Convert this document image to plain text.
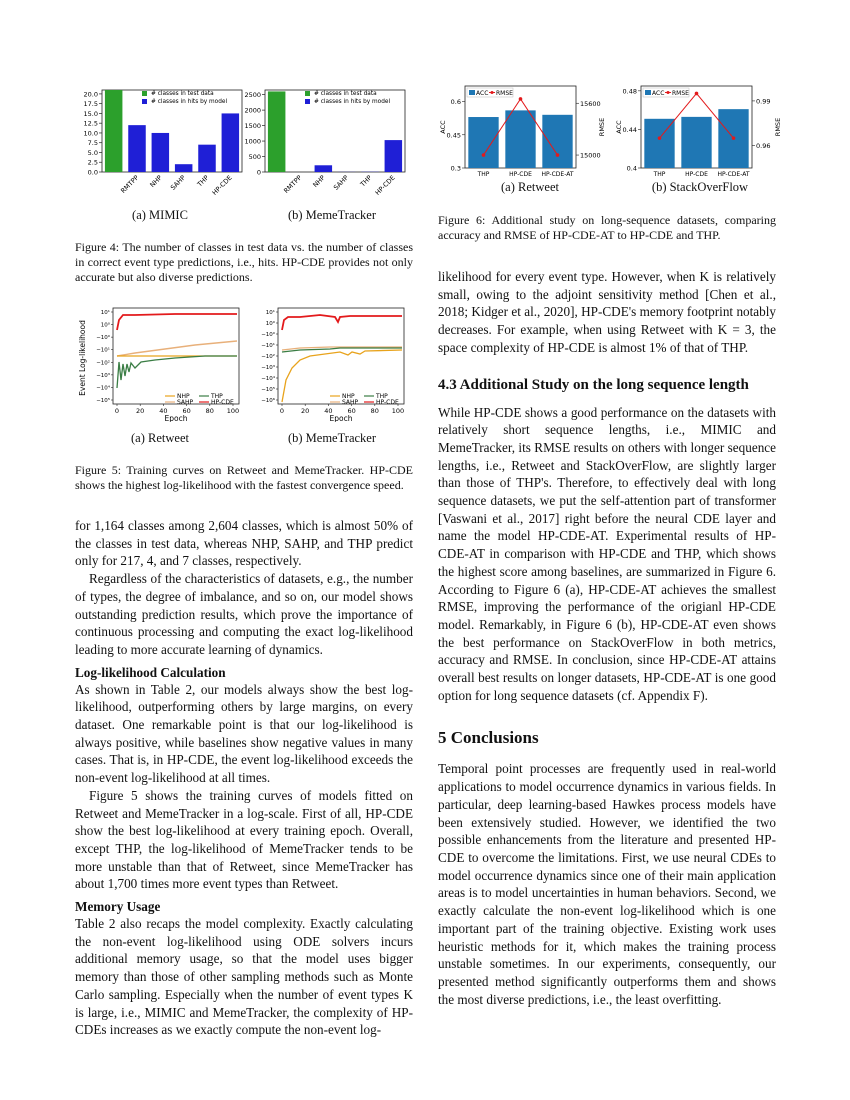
0.0
2.5
5.0
7.5
10.0
12.5
15.0
17.5
20.0
RMTPP NHP SAHP THP HP-CDE
# classes in test data
# classes in hits by model
0
500
1000
1500
2000
2500
RMTPP NHP SAHP THP HP-CDE
# classes in test data
# classes in hits by model
(a) MIMIC	(b) MemeTracker
Figure 4: The number of classes in test data vs. the number of classes in correct event type predictions, i.e., hits. HP-CDE provides not only accurate but also diverse predictions.
10¹
10⁰
−10⁰
−10¹
−10²
−10³
−10⁴
−10⁵
0	20 40 60 80 100
Event Log-likelihood
Epoch
NHP	THP
SAHP	HP-CDE
10¹
10⁰
−10⁰
−10¹
−10²
−10³
−10⁴
−10⁵
−10⁶
0	20 40 60 80 100
Epoch
NHP	THP
SAHP	HP-CDE
(a) Retweet	(b) MemeTracker
Figure 5: Training curves on Retweet and MemeTracker. HP-CDE shows the highest log-likelihood with the fastest convergence speed.
for 1,164 classes among 2,604 classes, which is almost 50% of the classes in test data, whereas NHP, SAHP, and THP predict only for 217, 4, and 7 classes, respectively.
Regardless of the characteristics of datasets, e.g., the number of types, the degree of imbalance, and so on, our model shows outstanding prediction results, which prove the importance of continuous processing and computing the exact log-likelihood leading to more accurate learning of dynamics.
Log-likelihood Calculation
As shown in Table 2, our models always show the best log-likelihood, outperforming others by large margins, on every dataset. One remarkable point is that our log-likelihood is always positive, while baselines show negative values in many cases. That is, in HP-CDE, the event log-likelihood exceeds the non-event log-likelihood at all times.
Figure 5 shows the training curves of models fitted on Retweet and MemeTracker in a log-scale. First of all, HP-CDE show the best log-likelihood at every training epoch. Overall, except THP, the log-likelihood of MemeTracker tends to be more unstable than that of Retweet, since MemeTracker has about 1,700 times more event types than Retweet.
Memory Usage
Table 2 also recaps the model complexity. Exactly calculating the non-event log-likelihood using ODE solvers incurs additional memory usage, so that the model uses bigger memory than those of other sampling methods such as Monte Carlo sampling. Especially when the number of event types K is large, i.e., MIMIC and MemeTracker, the complexity of HP-CDEs increases as we exactly compute the non-event log-
0.3
0.45
0.6
15000
15600
ACC	RMSE
THP	HP-CDE HP-CDE-AT
ACC RMSE
0.4
0.44
0.48
0.96
0.99
ACC	RMSE
THP	HP-CDE HP-CDE-AT
ACC RMSE
(a) Retweet	(b) StackOverFlow
Figure 6: Additional study on long-sequence datasets, comparing accuracy and RMSE of HP-CDE-AT to HP-CDE and THP.
likelihood for every event type. However, when K is relatively small, owing to the adjoint sensitivity method [Chen et al., 2018; Kidger et al., 2020], HP-CDE's memory footprint notably decreases. For example, when using Retweet with K = 3, the space complexity of HP-CDE is almost 1% of that of THP.
4.3 Additional Study on the long sequence length
While HP-CDE shows a good performance on the datasets with relatively short sequence lengths, i.e., MIMIC and MemeTracker, its RMSE results on others with longer sequence lengths, i.e., Retweet and StackOverFlow, are slightly larger than those of THP's. Therefore, to effectively deal with long sequence datasets, we put the self-attention part of transformer [Vaswani et al., 2017] right before the neural CDE layer and name the model HP-CDE-AT. Experimental results of HP-CDE-AT in comparison with HP-CDE and THP, which shows the highest score among baselines, are summarized in Figure 6. According to Figure 6 (a), HP-CDE-AT achieves the smallest RMSE, improving the performance of the origianl HP-CDE model. Remarkably, in Figure 6 (b), HP-CDE-AT even shows the best performance on StackOverFlow in both metrics, accuracy and RMSE. In conclusion, since HP-CDE-AT attains overall best results on longer datasets, HP-CDE-AT is one good option for long sequence datasets (cf. Appendix F).
5 Conclusions
Temporal point processes are frequently used in real-world applications to model occurrence dynamics in various fields. In particular, deep learning-based Hawkes process models have been extensively studied. However, we identified the two possible enhancements from the literature and presented HP-CDE to overcome the limitations. First, we use neural CDEs to model occurrence dynamics since one of their main application areas is to model uncertainties in human behaviors. Second, we exactly calculate the non-event log-likelihood which is one important part of the training objective. Existing work uses heuristic methods for it, which makes the training process unstable sometimes. In our experiments, consequently, our presented method significantly outperforms them and shows the most diverse predictions, i.e., the least overfitting.
